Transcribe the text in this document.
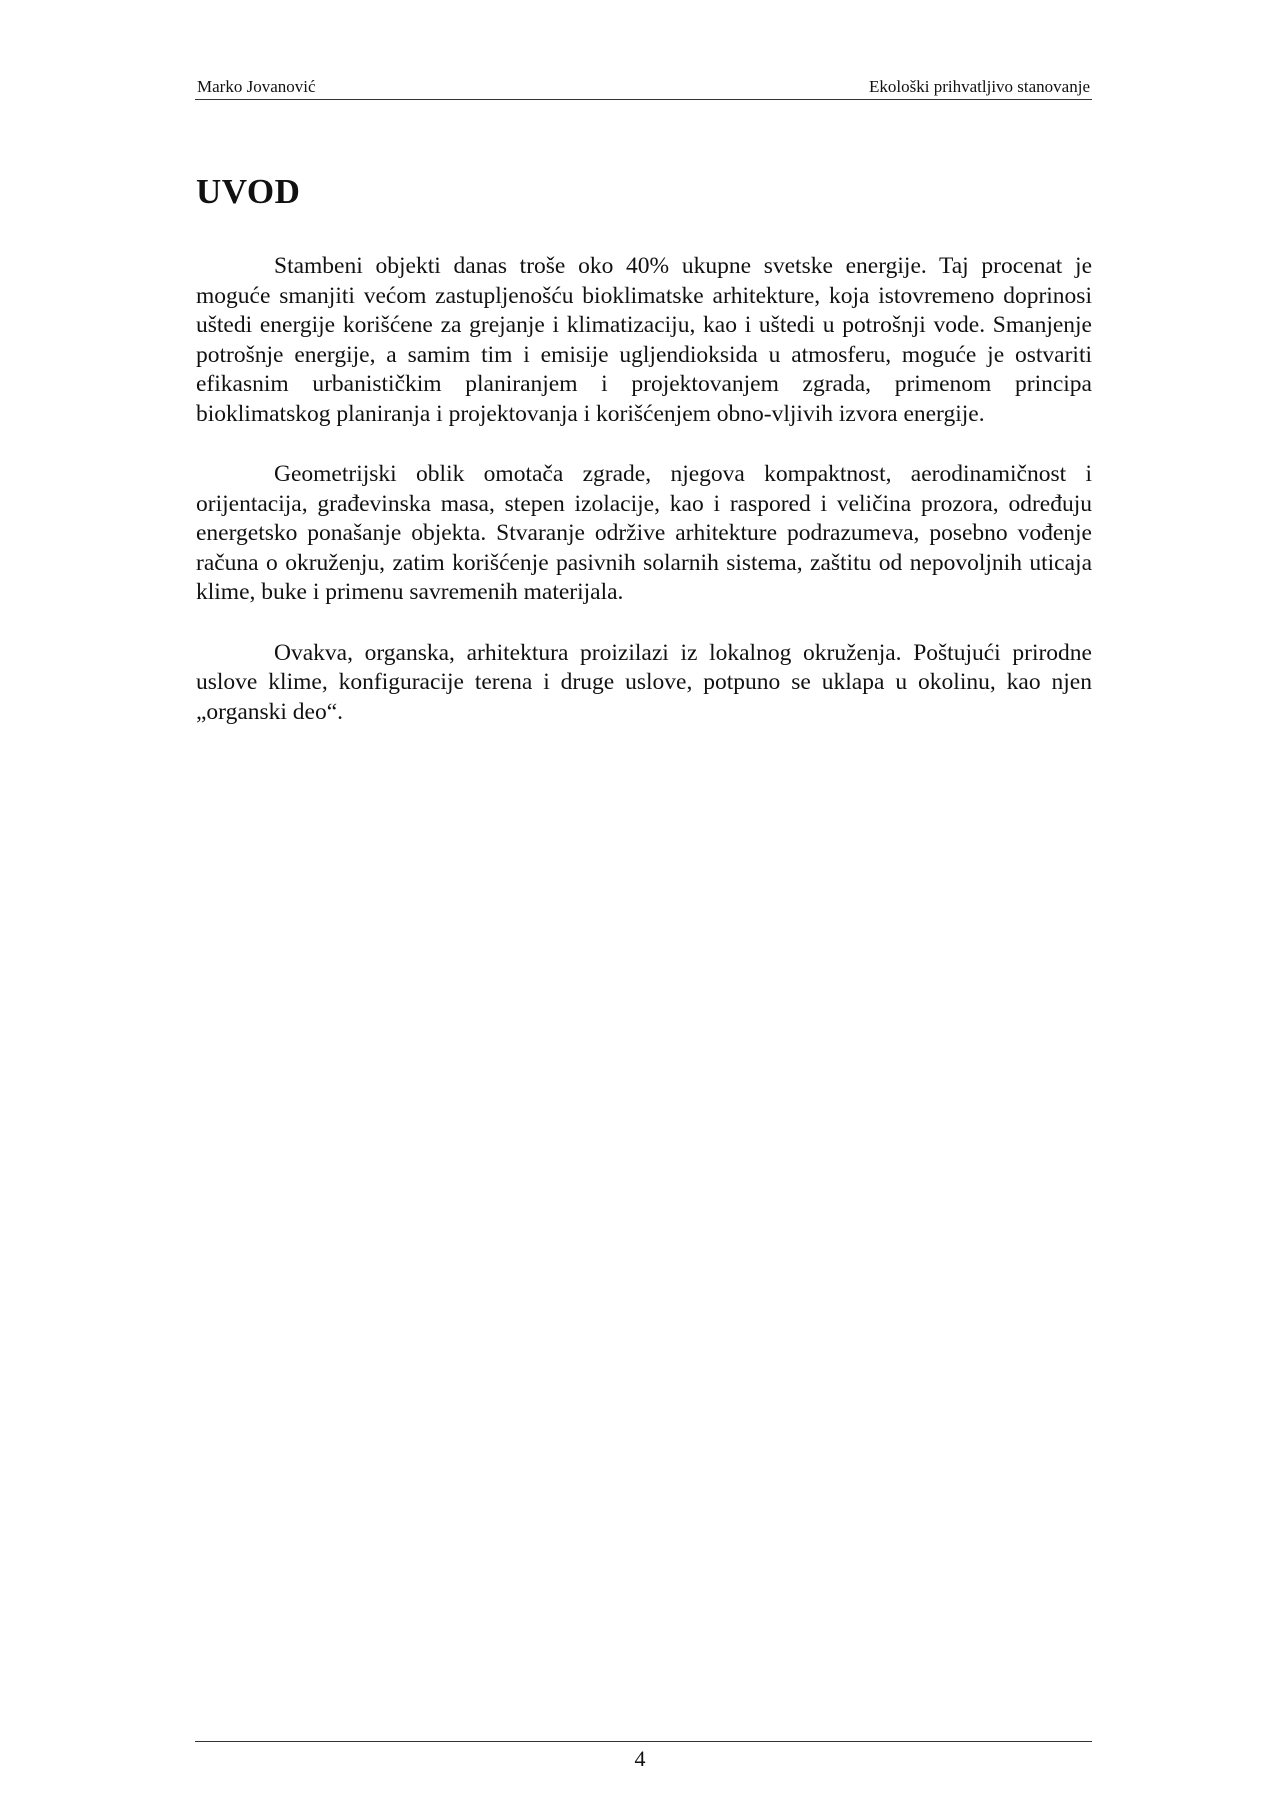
Marko Jovanović	Ekološki prihvatljivo stanovanje
UVOD

Stambeni objekti danas troše oko 40% ukupne svetske energije. Taj procenat je moguće smanjiti većom zastupljenošću bioklimatske arhitekture, koja istovremeno doprinosi uštedi energije korišćene za grejanje i klimatizaciju, kao i uštedi u potrošnji vode. Smanjenje potrošnje energije, a samim tim i emisije ugljendioksida u atmosferu, moguće je ostvariti efikasnim urbanističkim planiranjem i projektovanjem zgrada, primenom principa bioklimatskog planiranja i projektovanja i korišćenjem obno-vljivih izvora energije.

Geometrijski oblik omotača zgrade, njegova kompaktnost, aerodinamičnost i orijentacija, građevinska masa, stepen izolacije, kao i raspored i veličina prozora, određuju energetsko ponašanje objekta. Stvaranje održive arhitekture podrazumeva, posebno vođenje računa o okruženju, zatim korišćenje pasivnih solarnih sistema, zaštitu od nepovoljnih uticaja klime, buke i primenu savremenih materijala.

Ovakva, organska, arhitektura proizilazi iz lokalnog okruženja. Poštujući prirodne uslove klime, konfiguracije terena i druge uslove, potpuno se uklapa u okolinu, kao njen „organski deo“.

4
